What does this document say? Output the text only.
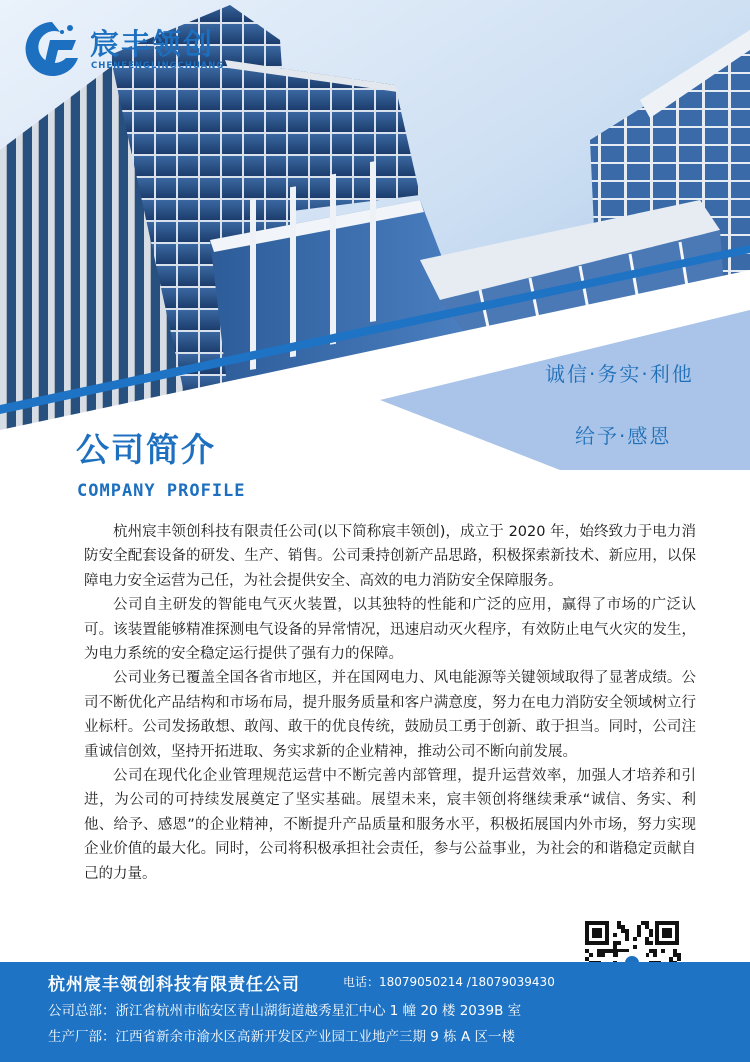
宸丰领创
CHENFENGLINGCHUANG
诚信·务实·利他
给予·感恩
公司简介
COMPANY PROFILE

杭州宸丰领创科技有限责任公司(以下简称宸丰领创)，成立于 2020 年，始终致力于电力消防安全配套设备的研发、生产、销售。公司秉持创新产品思路，积极探索新技术、新应用，以保障电力安全运营为己任，为社会提供安全、高效的电力消防安全保障服务。

公司自主研发的智能电气灭火装置，以其独特的性能和广泛的应用，赢得了市场的广泛认可。该装置能够精准探测电气设备的异常情况，迅速启动灭火程序，有效防止电气火灾的发生，为电力系统的安全稳定运行提供了强有力的保障。

公司业务已覆盖全国各省市地区，并在国网电力、风电能源等关键领域取得了显著成绩。公司不断优化产品结构和市场布局，提升服务质量和客户满意度，努力在电力消防安全领域树立行业标杆。公司发扬敢想、敢闯、敢干的优良传统，鼓励员工勇于创新、敢于担当。同时，公司注重诚信创效，坚持开拓进取、务实求新的企业精神，推动公司不断向前发展。

公司在现代化企业管理规范运营中不断完善内部管理，提升运营效率，加强人才培养和引进，为公司的可持续发展奠定了坚实基础。展望未来，宸丰领创将继续秉承“诚信、务实、利他、给予、感恩”的企业精神，不断提升产品质量和服务水平，积极拓展国内外市场，努力实现企业价值的最大化。同时，公司将积极承担社会责任，参与公益事业，为社会的和谐稳定贡献自己的力量。

杭州宸丰领创科技有限责任公司	电话：18079050214 /18079039430
公司总部：浙江省杭州市临安区青山湖街道越秀星汇中心 1 幢 20 楼 2039B 室
生产厂部：江西省新余市渝水区高新开发区产业园工业地产三期 9 栋 A 区一楼
